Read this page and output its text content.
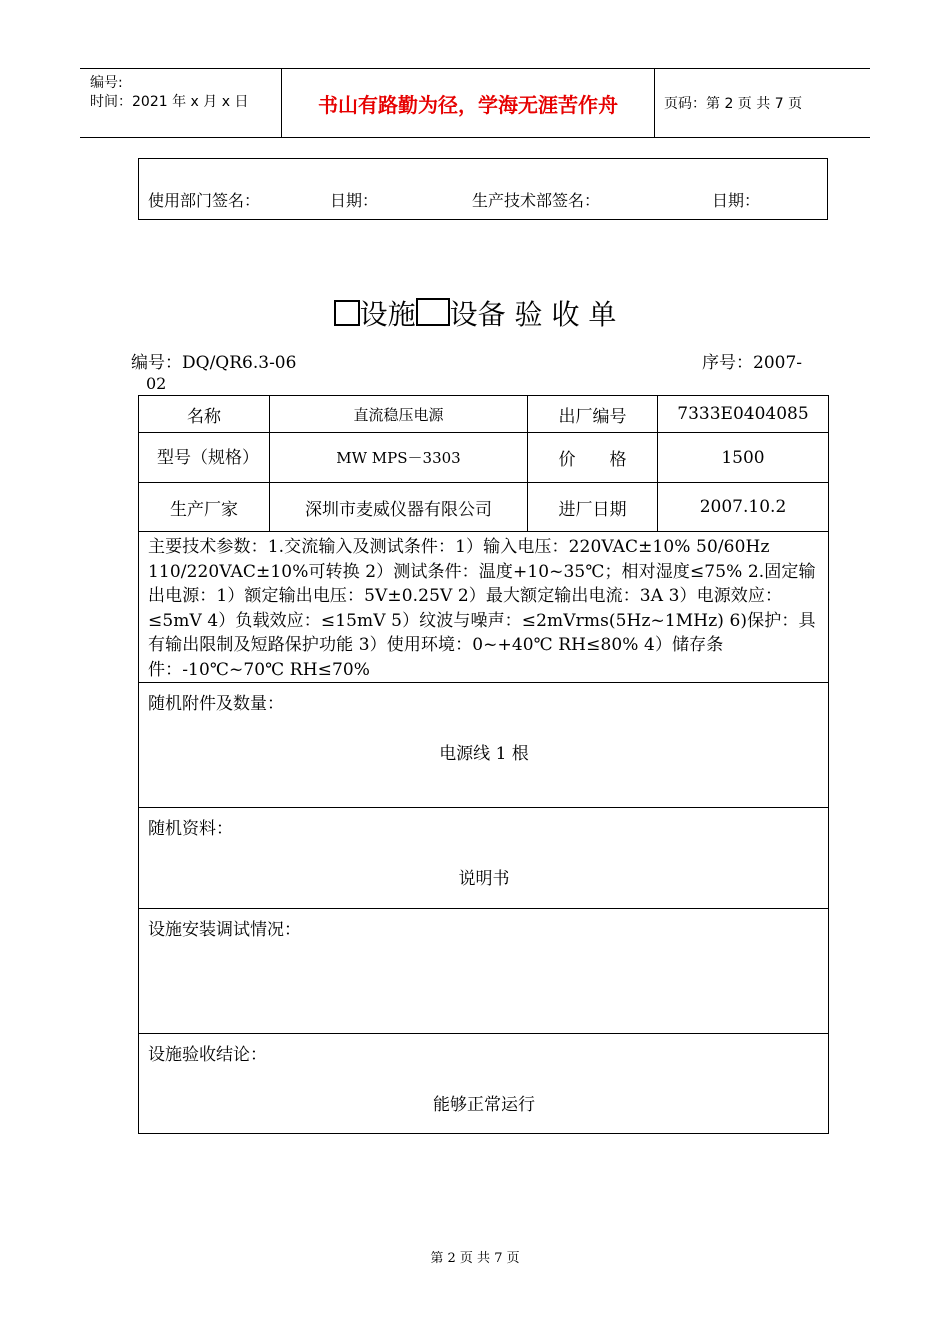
编号:
时间：2021 年 x 月 x 日	书山有路勤为径，学海无涯苦作舟	页码：第 2 页 共 7 页
使用部门签名：	日期：	生产技术部签名：	日期：
设施 设备 验 收 单
编号：DQ/QR6.3-06	序号：2007-
02
名称	直流稳压电源	出厂编号	7333E0404085
型号（规格）	MW MPS－3303	价　　格	1500
生产厂家	深圳市麦威仪器有限公司	进厂日期	2007.10.2
主要技术参数：1.交流输入及测试条件：1）输入电压：220VAC±10% 50/60Hz 110/220VAC±10%可转换 2）测试条件：温度+10~35℃；相对湿度≤75% 2.固定输出电源：1）额定输出电压：5V±0.25V 2）最大额定输出电流：3A 3）电源效应：≤5mV 4）负载效应：≤15mV 5）纹波与噪声：≤2mVrms(5Hz~1MHz) 6)保护：具有输出限制及短路保护功能 3）使用环境：0~+40℃ RH≤80% 4）储存条件：-10℃~70℃ RH≤70%			

随机附件及数量：
电源线 1 根			

随机资料：
说明书			

设施安装调试情况：			

设施验收结论：
能够正常运行			
第 2 页 共 7 页
